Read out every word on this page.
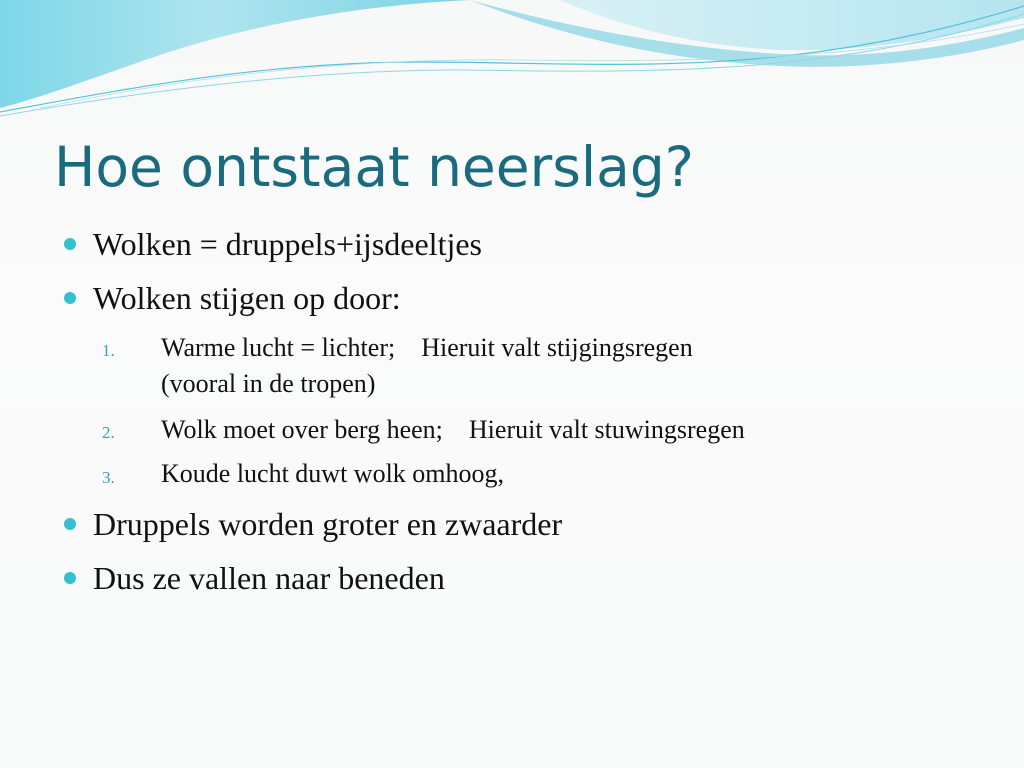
Hoe ontstaat neerslag?
Wolken = druppels+ijsdeeltjes
Wolken stijgen op door:
1. Warme lucht = lichter; Hieruit valt stijgingsregen
(vooral in de tropen)
2. Wolk moet over berg heen; Hieruit valt stuwingsregen
3. Koude lucht duwt wolk omhoog,
Druppels worden groter en zwaarder
Dus ze vallen naar beneden
